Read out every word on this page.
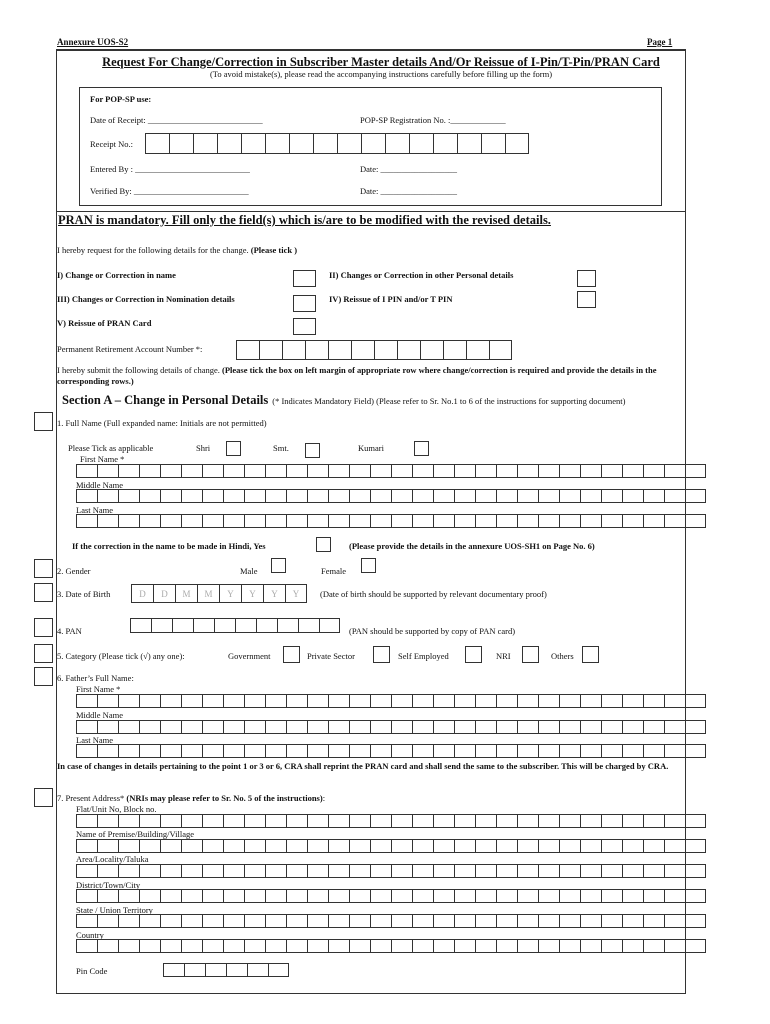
Annexure UOS-S2	Page 1
Request For Change/Correction in Subscriber Master details And/Or Reissue of I-Pin/T-Pin/PRAN Card
(To avoid mistake(s), please read the accompanying instructions carefully before filling up the form)
For POP-SP use:
Date of Receipt: ___________________________	POP-SP Registration No. :_____________
Receipt No.:
Entered By : ___________________________	Date: __________________
Verified By: ___________________________	Date: __________________
PRAN is mandatory. Fill only the field(s) which is/are to be modified with the revised details.
I hereby request for the following details for the change. (Please tick )
I) Change or Correction in name	II) Changes or Correction in other Personal details
III) Changes or Correction in Nomination details	IV) Reissue of I PIN and/or T PIN
V) Reissue of PRAN Card
Permanent Retirement Account Number *:
I hereby submit the following details of change. (Please tick the box on left margin of appropriate row where change/correction is required and provide the details in the corresponding rows.)
Section A – Change in Personal Details (* Indicates Mandatory Field) (Please refer to Sr. No.1 to 6 of the instructions for supporting document)
1. Full Name (Full expanded name: Initials are not permitted)
Please Tick as applicable	Shri	Smt.	Kumari
First Name *
Middle Name
Last Name
If the correction in the name to be made in Hindi, Yes	(Please provide the details in the annexure UOS-SH1 on Page No. 6)
2. Gender	Male	Female
3. Date of Birth	D	D	M	M	Y	Y	Y	Y	(Date of birth should be supported by relevant documentary proof)
4. PAN	(PAN should be supported by copy of PAN card)
5. Category (Please tick (√) any one):	Government	Private Sector	Self Employed	NRI	Others
6. Father’s Full Name:
First Name *
Middle Name
Last Name
In case of changes in details pertaining to the point 1 or 3 or 6, CRA shall reprint the PRAN card and shall send the same to the subscriber. This will be charged by CRA.
7. Present Address* (NRIs may please refer to Sr. No. 5 of the instructions):
Flat/Unit No, Block no.
Name of Premise/Building/Village
Area/Locality/Taluka
District/Town/City
State / Union Territory
Country
Pin Code
